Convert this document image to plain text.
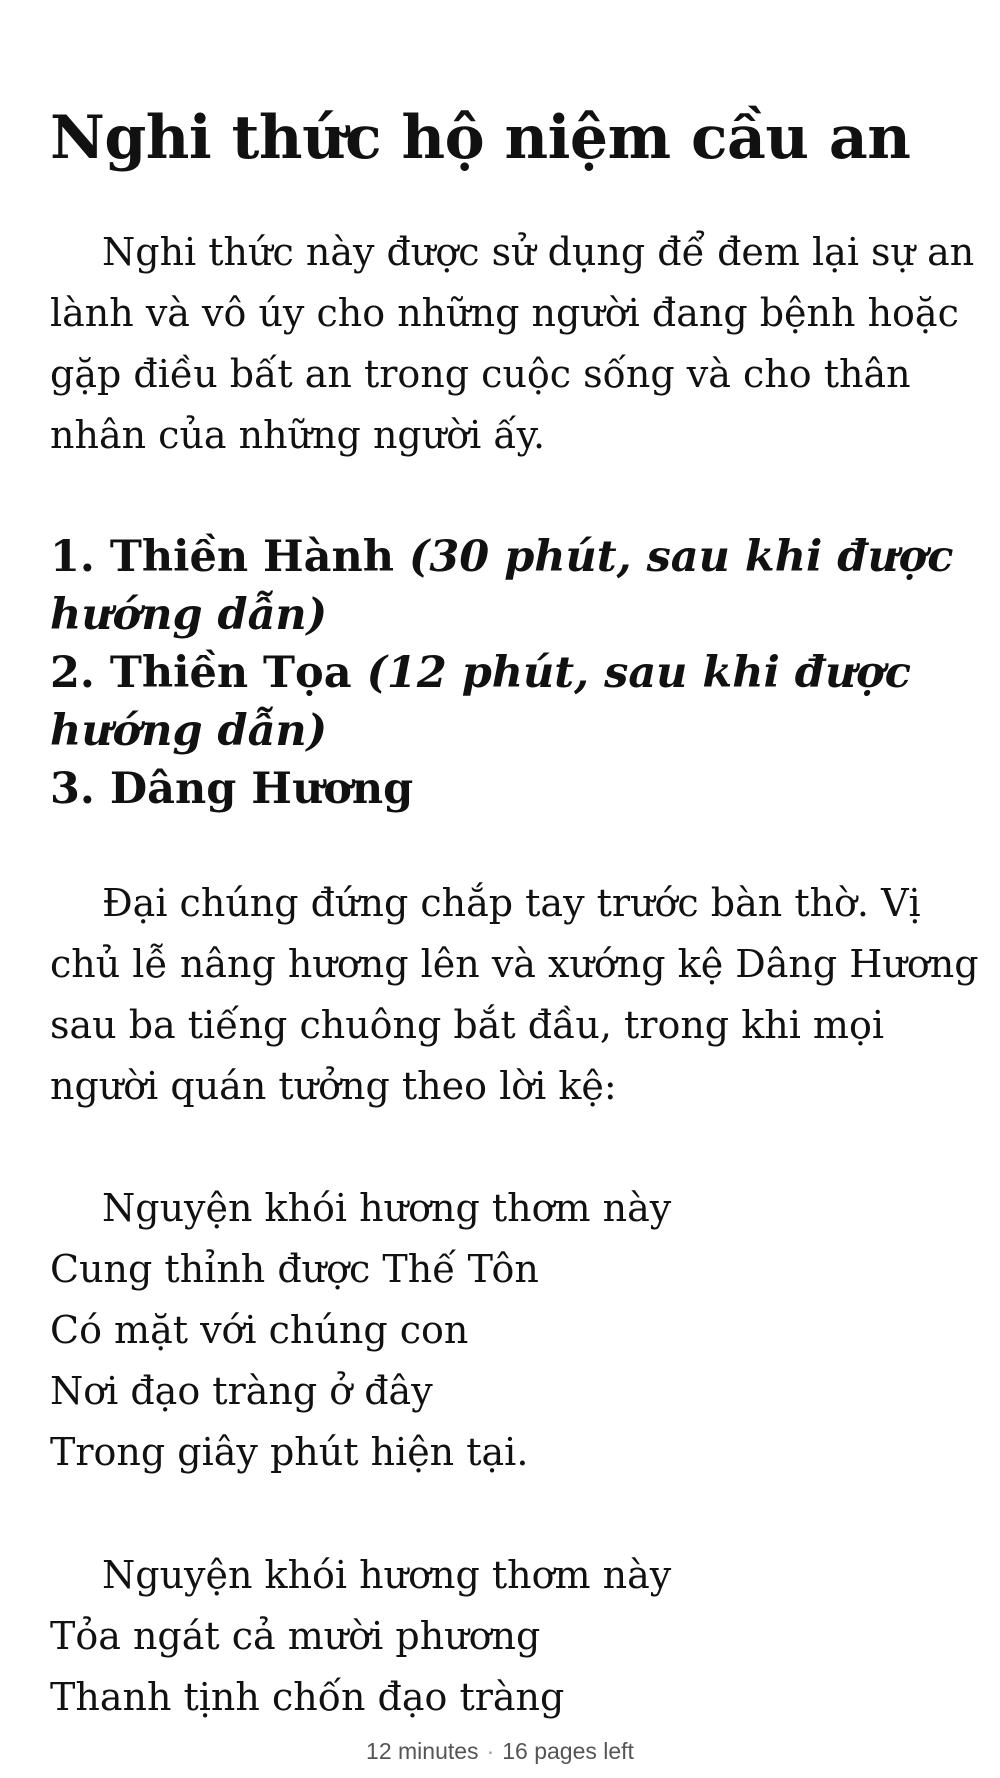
Nghi thức hộ niệm cầu an
Nghi thức này được sử dụng để đem lại sự an
lành và vô úy cho những người đang bệnh hoặc
gặp điều bất an trong cuộc sống và cho thân
nhân của những người ấy.
1. Thiền Hành (30 phút, sau khi được
hướng dẫn)
2. Thiền Tọa (12 phút, sau khi được
hướng dẫn)
3. Dâng Hương
Đại chúng đứng chắp tay trước bàn thờ. Vị
chủ lễ nâng hương lên và xướng kệ Dâng Hương
sau ba tiếng chuông bắt đầu, trong khi mọi
người quán tưởng theo lời kệ:
Nguyện khói hương thơm này
Cung thỉnh được Thế Tôn
Có mặt với chúng con
Nơi đạo tràng ở đây
Trong giây phút hiện tại.
Nguyện khói hương thơm này
Tỏa ngát cả mười phương
Thanh tịnh chốn đạo tràng
12 minutes · 16 pages left
